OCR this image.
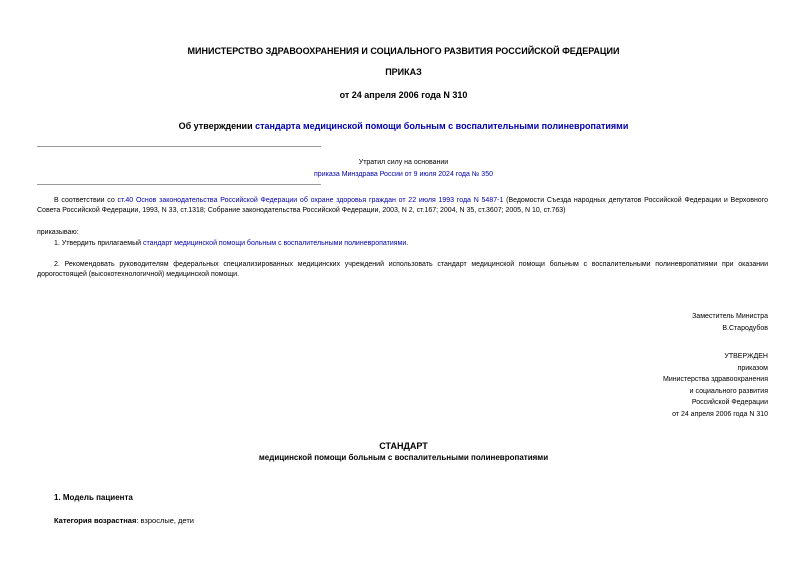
МИНИСТЕРСТВО ЗДРАВООХРАНЕНИЯ И СОЦИАЛЬНОГО РАЗВИТИЯ РОССИЙСКОЙ ФЕДЕРАЦИИ

ПРИКАЗ

от 24 апреля 2006 года N 310

Об утверждении стандарта медицинской помощи больным с воспалительными полиневропатиями

Утратил силу на основании

приказа Минздрава России от 9 июля 2024 года № 350

В соответствии со ст.40 Основ законодательства Российской Федерации об охране здоровья граждан от 22 июля 1993 года N 5487-1 (Ведомости Съезда народных депутатов Российской Федерации и Верховного Совета Российской Федерации, 1993, N 33, ст.1318; Собрание законодательства Российской Федерации, 2003, N 2, ст.167; 2004, N 35, ст.3607; 2005, N 10, ст.763)

приказываю:

1. Утвердить прилагаемый стандарт медицинской помощи больным с воспалительными полиневропатиями.

2. Рекомендовать руководителям федеральных специализированных медицинских учреждений использовать стандарт медицинской помощи больным с воспалительными полиневропатиями при оказании дорогостоящей (высокотехнологичной) медицинской помощи.

Заместитель Министра
В.Стародубов

УТВЕРЖДЕН
приказом
Министерства здравоохранения
и социального развития
Российской Федерации
от 24 апреля 2006 года N 310

СТАНДАРТ

медицинской помощи больным с воспалительными полиневропатиями

1. Модель пациента

Категория возрастная: взрослые, дети
